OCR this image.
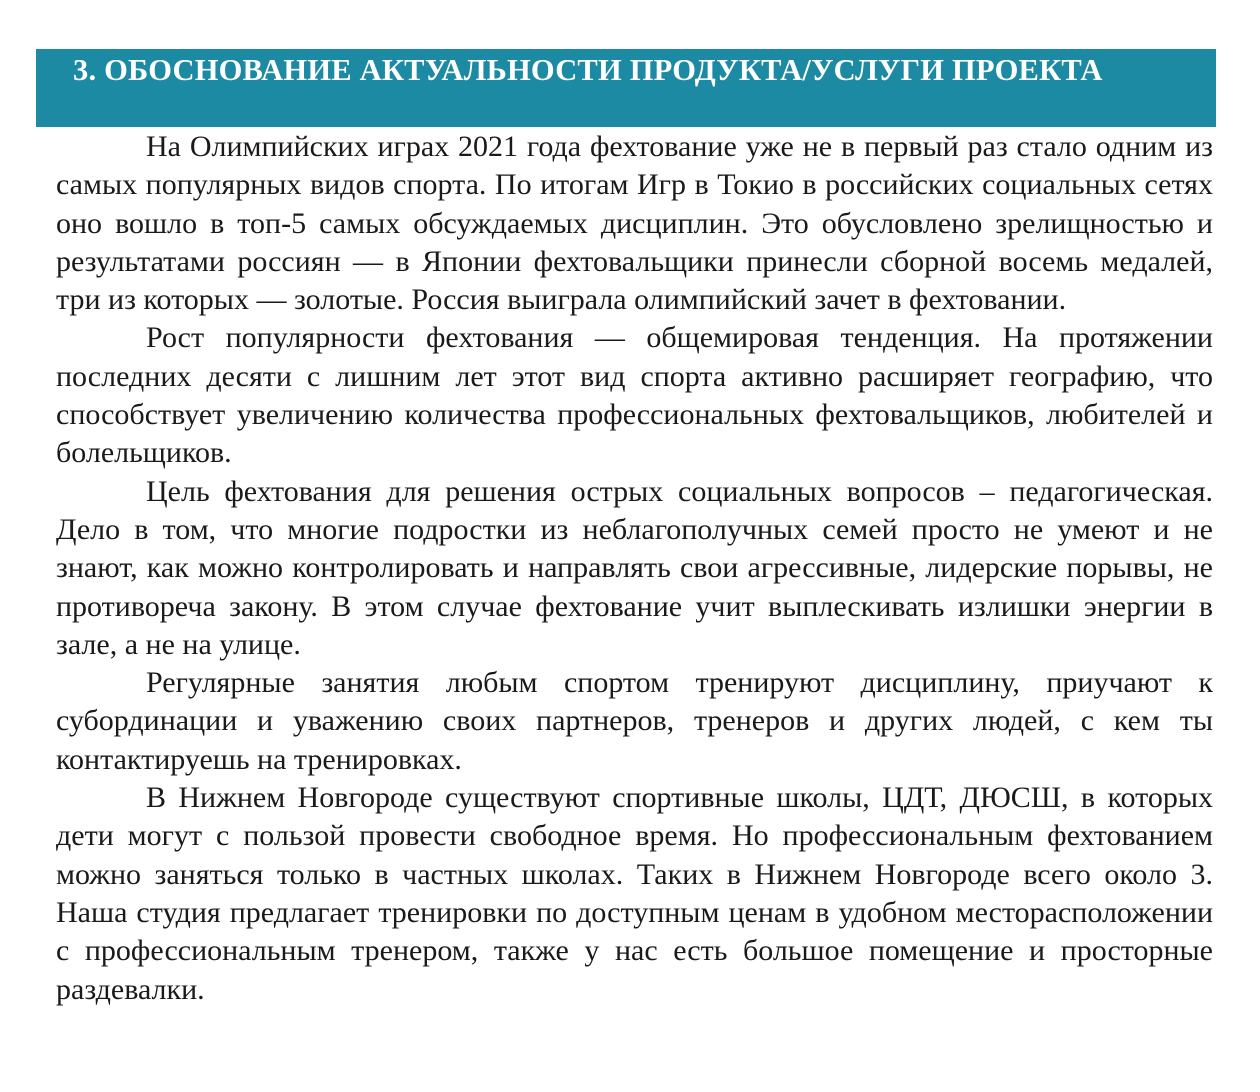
3. ОБОСНОВАНИЕ АКТУАЛЬНОСТИ ПРОДУКТА/УСЛУГИ ПРОЕКТА

На Олимпийских играх 2021 года фехтование уже не в первый раз стало одним из самых популярных видов спорта. По итогам Игр в Токио в российских социальных сетях оно вошло в топ-5 самых обсуждаемых дисциплин. Это обусловлено зрелищностью и результатами россиян — в Японии фехтовальщики принесли сборной восемь медалей, три из которых — золотые. Россия выиграла олимпийский зачет в фехтовании.

Рост популярности фехтования — общемировая тенденция. На протяжении последних десяти с лишним лет этот вид спорта активно расширяет географию, что способствует увеличению количества профессиональных фехтовальщиков, любителей и болельщиков.

Цель фехтования для решения острых социальных вопросов – педагогическая. Дело в том, что многие подростки из неблагополучных семей просто не умеют и не знают, как можно контролировать и направлять свои агрессивные, лидерские порывы, не противореча закону. В этом случае фехтование учит выплескивать излишки энергии в зале, а не на улице.

Регулярные занятия любым спортом тренируют дисциплину, приучают к субординации и уважению своих партнеров, тренеров и других людей, с кем ты контактируешь на тренировках.

В Нижнем Новгороде существуют спортивные школы, ЦДТ, ДЮСШ, в которых дети могут с пользой провести свободное время. Но профессиональным фехтованием можно заняться только в частных школах. Таких в Нижнем Новгороде всего около 3. Наша студия предлагает тренировки по доступным ценам в удобном месторасположении с профессиональным тренером, также у нас есть большое помещение и просторные раздевалки.
